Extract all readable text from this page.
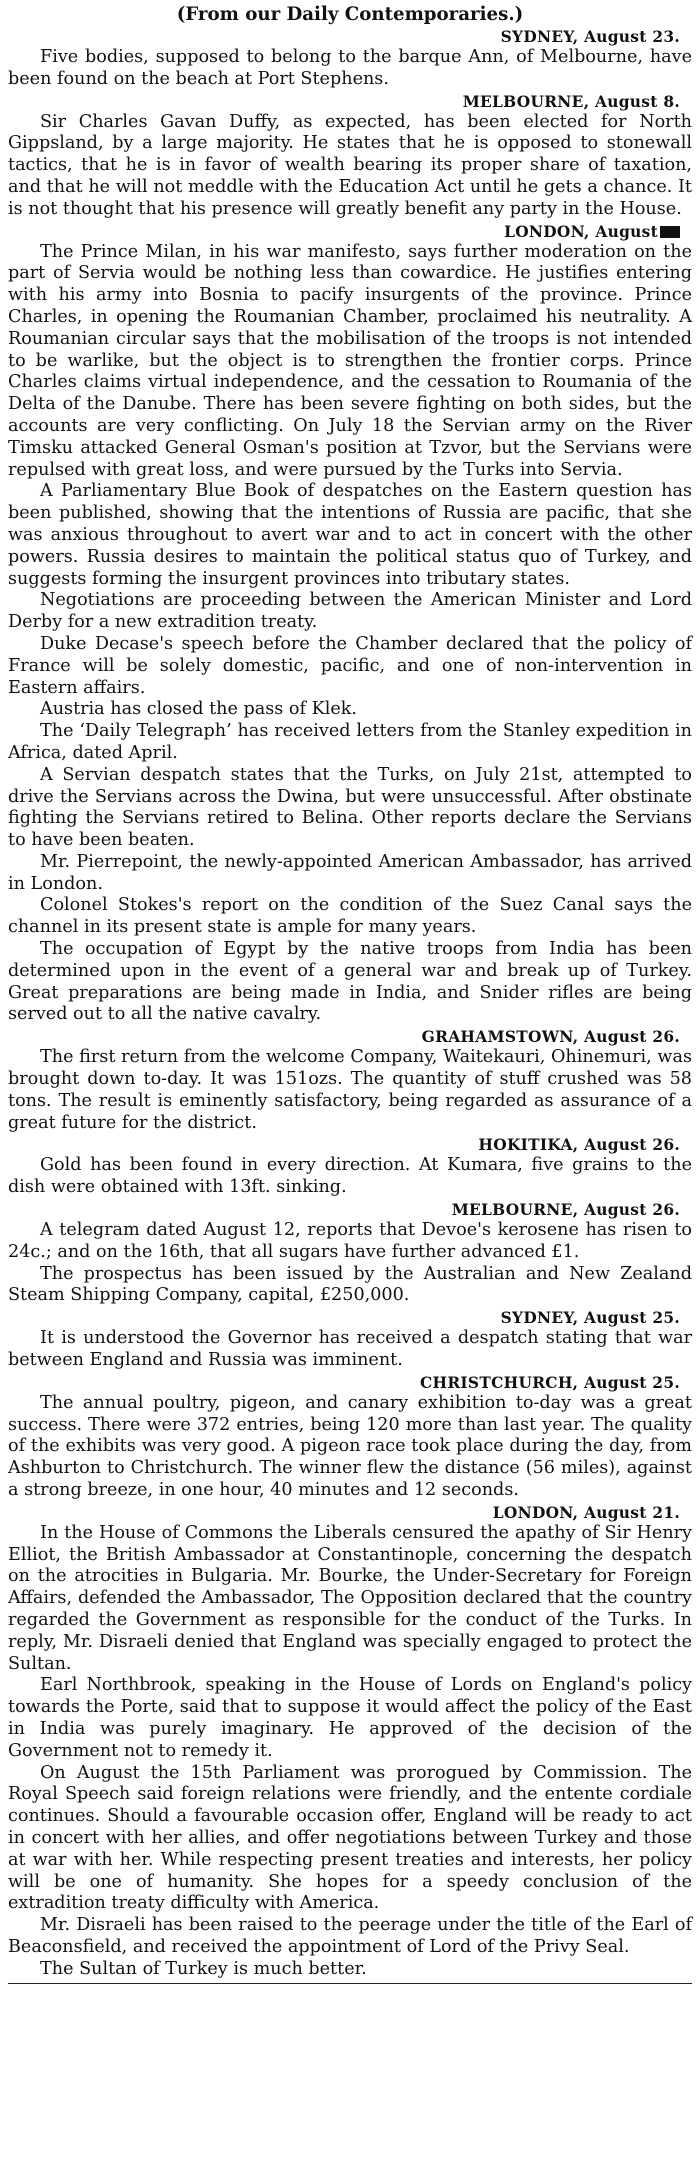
(From our Daily Contemporaries.)
SYDNEY, August 23.
Five bodies, supposed to belong to the barque Ann, of Melbourne, have been found on the beach at Port Stephens.
MELBOURNE, August 8.
Sir Charles Gavan Duffy, as expected, has been elected for North Gippsland, by a large majority. He states that he is opposed to stonewall tactics, that he is in favor of wealth bearing its proper share of taxation, and that he will not meddle with the Education Act until he gets a chance. It is not thought that his presence will greatly benefit any party in the House.
LONDON, August
The Prince Milan, in his war manifesto, says further moderation on the part of Servia would be nothing less than cowardice. He justifies entering with his army into Bosnia to pacify insurgents of the province. Prince Charles, in opening the Roumanian Chamber, proclaimed his neutrality. A Roumanian circular says that the mobilisation of the troops is not intended to be warlike, but the object is to strengthen the frontier corps. Prince Charles claims virtual independence, and the cessation to Roumania of the Delta of the Danube. There has been severe fighting on both sides, but the accounts are very conflicting. On July 18 the Servian army on the River Timsku attacked General Osman's position at Tzvor, but the Servians were repulsed with great loss, and were pursued by the Turks into Servia.
A Parliamentary Blue Book of despatches on the Eastern question has been published, showing that the intentions of Russia are pacific, that she was anxious throughout to avert war and to act in concert with the other powers. Russia desires to maintain the political status quo of Turkey, and suggests forming the insurgent provinces into tributary states.
Negotiations are proceeding between the American Minister and Lord Derby for a new extradition treaty.
Duke Decase's speech before the Chamber declared that the policy of France will be solely domestic, pacific, and one of non-intervention in Eastern affairs.
Austria has closed the pass of Klek.
The ‘Daily Telegraph’ has received letters from the Stanley expedition in Africa, dated April.
A Servian despatch states that the Turks, on July 21st, attempted to drive the Servians across the Dwina, but were unsuccessful. After obstinate fighting the Servians retired to Belina. Other reports declare the Servians to have been beaten.
Mr. Pierrepoint, the newly-appointed American Ambassador, has arrived in London.
Colonel Stokes's report on the condition of the Suez Canal says the channel in its present state is ample for many years.
The occupation of Egypt by the native troops from India has been determined upon in the event of a general war and break up of Turkey. Great preparations are being made in India, and Snider rifles are being served out to all the native cavalry.
GRAHAMSTOWN, August 26.
The first return from the welcome Company, Waitekauri, Ohinemuri, was brought down to-day. It was 151ozs. The quantity of stuff crushed was 58 tons. The result is eminently satisfactory, being regarded as assurance of a great future for the district.
HOKITIKA, August 26.
Gold has been found in every direction. At Kumara, five grains to the dish were obtained with 13ft. sinking.
MELBOURNE, August 26.
A telegram dated August 12, reports that Devoe's kerosene has risen to 24c.; and on the 16th, that all sugars have further advanced £1.
The prospectus has been issued by the Australian and New Zealand Steam Shipping Company, capital, £250,000.
SYDNEY, August 25.
It is understood the Governor has received a despatch stating that war between England and Russia was imminent.
CHRISTCHURCH, August 25.
The annual poultry, pigeon, and canary exhibition to-day was a great success. There were 372 entries, being 120 more than last year. The quality of the exhibits was very good. A pigeon race took place during the day, from Ashburton to Christchurch. The winner flew the distance (56 miles), against a strong breeze, in one hour, 40 minutes and 12 seconds.
LONDON, August 21.
In the House of Commons the Liberals censured the apathy of Sir Henry Elliot, the British Ambassador at Constantinople, concerning the despatch on the atrocities in Bulgaria. Mr. Bourke, the Under-Secretary for Foreign Affairs, defended the Ambassador, The Opposition declared that the country regarded the Government as responsible for the conduct of the Turks. In reply, Mr. Disraeli denied that England was specially engaged to protect the Sultan.
Earl Northbrook, speaking in the House of Lords on England's policy towards the Porte, said that to suppose it would affect the policy of the East in India was purely imaginary. He approved of the decision of the Government not to remedy it.
On August the 15th Parliament was prorogued by Commission. The Royal Speech said foreign relations were friendly, and the entente cordiale continues. Should a favourable occasion offer, England will be ready to act in concert with her allies, and offer negotiations between Turkey and those at war with her. While respecting present treaties and interests, her policy will be one of humanity. She hopes for a speedy conclusion of the extradition treaty difficulty with America.
Mr. Disraeli has been raised to the peerage under the title of the Earl of Beaconsfield, and received the appointment of Lord of the Privy Seal.
The Sultan of Turkey is much better.
